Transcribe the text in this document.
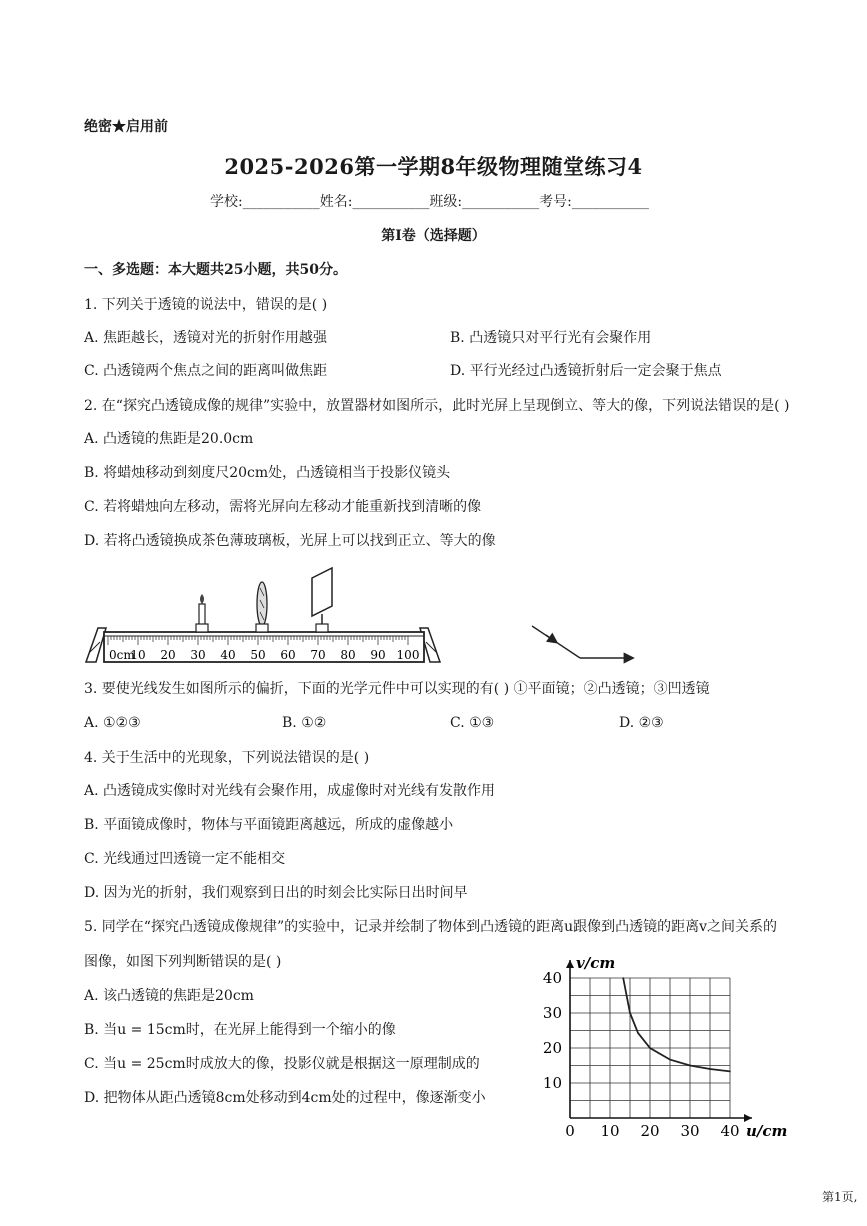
绝密★启用前
2025-2026第一学期8年级物理随堂练习4
学校:___________姓名:___________班级:___________考号:___________
第I卷（选择题）
一、多选题：本大题共25小题，共50分。
1. 下列关于透镜的说法中，错误的是( )
A. 焦距越长，透镜对光的折射作用越强	B. 凸透镜只对平行光有会聚作用
C. 凸透镜两个焦点之间的距离叫做焦距	D. 平行光经过凸透镜折射后一定会聚于焦点
2. 在“探究凸透镜成像的规律”实验中，放置器材如图所示，此时光屏上呈现倒立、等大的像，下列说法错误的是( )
A. 凸透镜的焦距是20.0cm
B. 将蜡烛移动到刻度尺20cm处，凸透镜相当于投影仪镜头
C. 若将蜡烛向左移动，需将光屏向左移动才能重新找到清晰的像
D. 若将凸透镜换成茶色薄玻璃板，光屏上可以找到正立、等大的像
0cm
10 20 30 40 50 60 70 80 90 100
3. 要使光线发生如图所示的偏折，下面的光学元件中可以实现的有( ) ①平面镜；②凸透镜；③凹透镜
A. ①②③	B. ①②	C. ①③	D. ②③
4. 关于生活中的光现象，下列说法错误的是( )
A. 凸透镜成实像时对光线有会聚作用，成虚像时对光线有发散作用
B. 平面镜成像时，物体与平面镜距离越远，所成的虚像越小
C. 光线通过凹透镜一定不能相交
D. 因为光的折射，我们观察到日出的时刻会比实际日出时间早
5. 同学在“探究凸透镜成像规律”的实验中，记录并绘制了物体到凸透镜的距离u跟像到凸透镜的距离v之间关系的
图像，如图下列判断错误的是( )
A. 该凸透镜的焦距是20cm
B. 当u = 15cm时，在光屏上能得到一个缩小的像
C. 当u = 25cm时成放大的像，投影仪就是根据这一原理制成的
D. 把物体从距凸透镜8cm处移动到4cm处的过程中，像逐渐变小
0 10 20 30 40
10
20
30
40
u/cm
v/cm
第1页,
